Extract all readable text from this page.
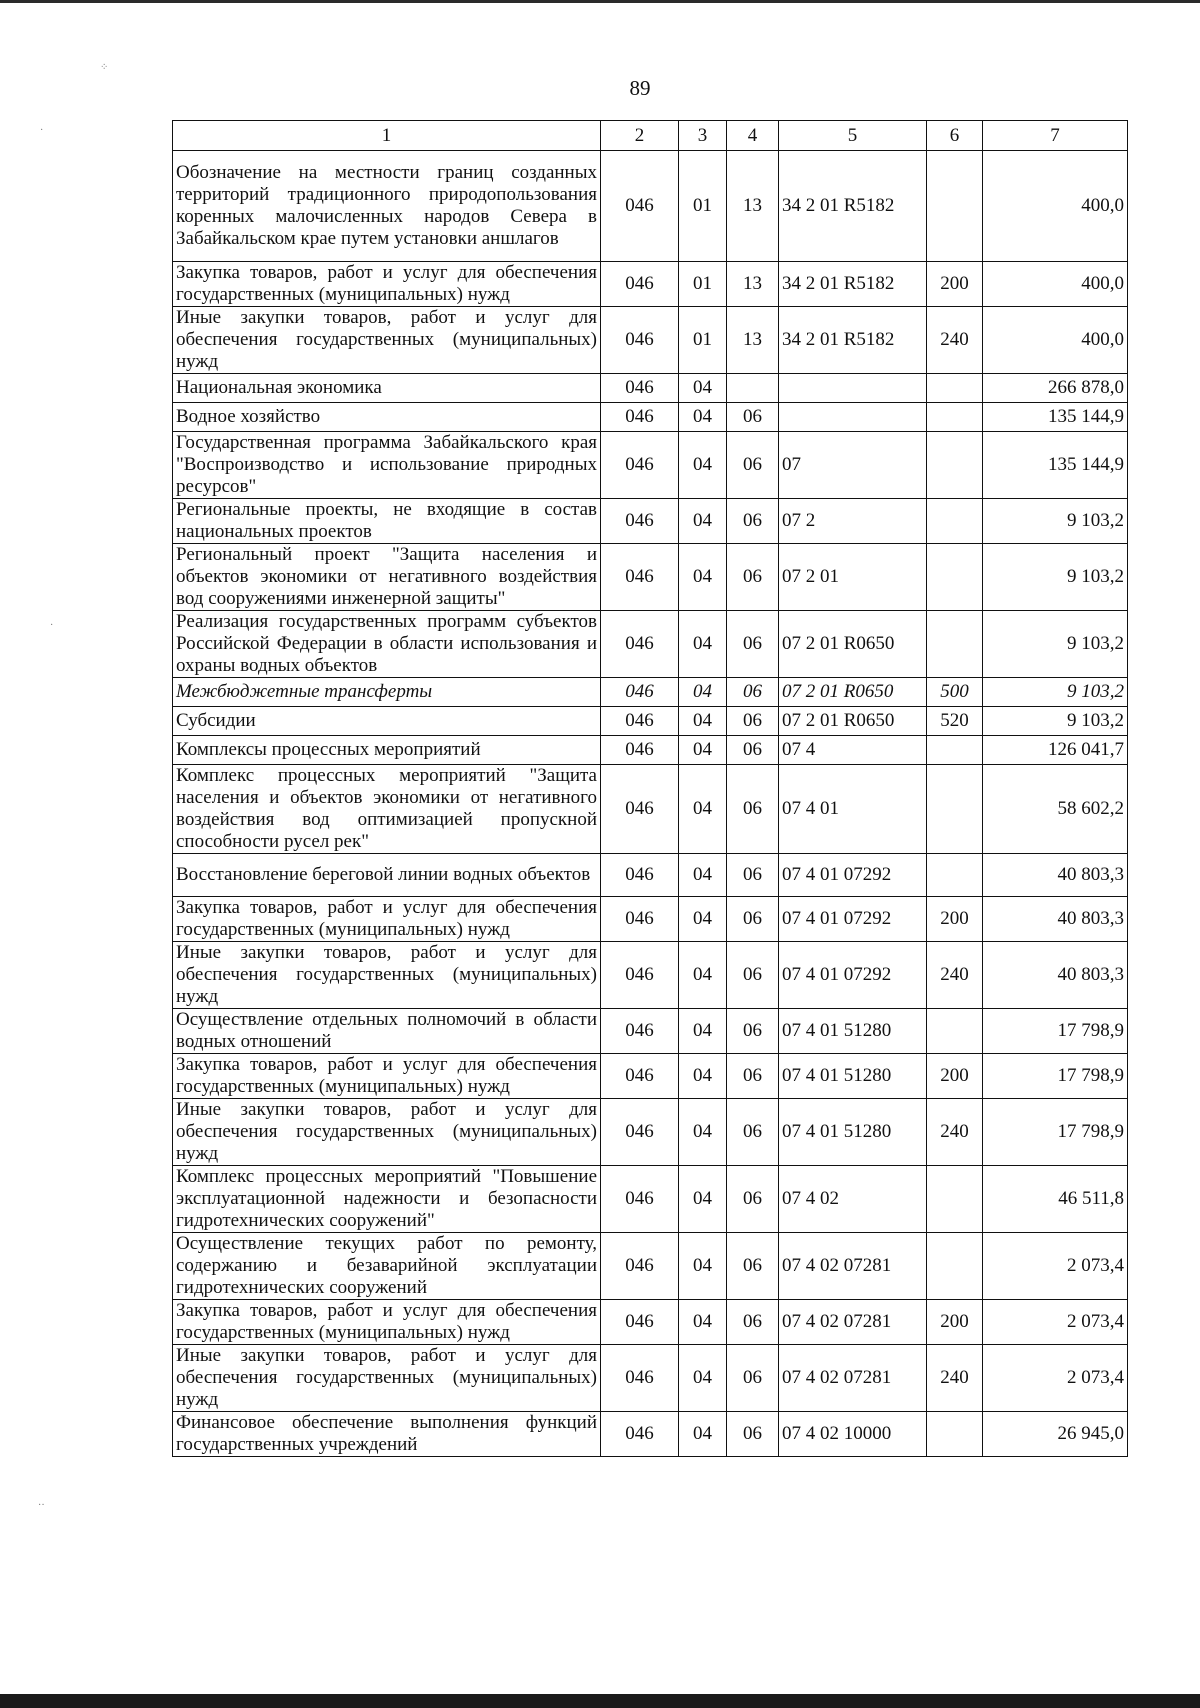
⁘
·
·
··
89
1	2	3	4	5	6	7
Обозначение на местности границ созданных территорий традиционного природопользования коренных малочисленных народов Севера в Забайкальском крае путем установки аншлагов	046	01	13	34 2 01 R5182		400,0
Закупка товаров, работ и услуг для обеспечения государственных (муниципальных) нужд	046	01	13	34 2 01 R5182	200	400,0
Иные закупки товаров, работ и услуг для обеспечения государственных (муниципальных) нужд	046	01	13	34 2 01 R5182	240	400,0
Национальная экономика	046	04				266 878,0
Водное хозяйство	046	04	06			135 144,9
Государственная программа Забайкальского края "Воспроизводство и использование природных ресурсов"	046	04	06	07		135 144,9
Региональные проекты, не входящие в состав национальных проектов	046	04	06	07 2		9 103,2
Региональный проект "Защита населения и объектов экономики от негативного воздействия вод сооружениями инженерной защиты"	046	04	06	07 2 01		9 103,2
Реализация государственных программ субъектов Российской Федерации в области использования и охраны водных объектов	046	04	06	07 2 01 R0650		9 103,2
Межбюджетные трансферты	046	04	06	07 2 01 R0650	500	9 103,2
Субсидии	046	04	06	07 2 01 R0650	520	9 103,2
Комплексы процессных мероприятий	046	04	06	07 4		126 041,7
Комплекс процессных мероприятий "Защита населения и объектов экономики от негативного воздействия вод оптимизацией пропускной способности русел рек"	046	04	06	07 4 01		58 602,2
Восстановление береговой линии водных объектов	046	04	06	07 4 01 07292		40 803,3
Закупка товаров, работ и услуг для обеспечения государственных (муниципальных) нужд	046	04	06	07 4 01 07292	200	40 803,3
Иные закупки товаров, работ и услуг для обеспечения государственных (муниципальных) нужд	046	04	06	07 4 01 07292	240	40 803,3
Осуществление отдельных полномочий в области водных отношений	046	04	06	07 4 01 51280		17 798,9
Закупка товаров, работ и услуг для обеспечения государственных (муниципальных) нужд	046	04	06	07 4 01 51280	200	17 798,9
Иные закупки товаров, работ и услуг для обеспечения государственных (муниципальных) нужд	046	04	06	07 4 01 51280	240	17 798,9
Комплекс процессных мероприятий "Повышение эксплуатационной надежности и безопасности гидротехнических сооружений"	046	04	06	07 4 02		46 511,8
Осуществление текущих работ по ремонту, содержанию и безаварийной эксплуатации гидротехнических сооружений	046	04	06	07 4 02 07281		2 073,4
Закупка товаров, работ и услуг для обеспечения государственных (муниципальных) нужд	046	04	06	07 4 02 07281	200	2 073,4
Иные закупки товаров, работ и услуг для обеспечения государственных (муниципальных) нужд	046	04	06	07 4 02 07281	240	2 073,4
Финансовое обеспечение выполнения функций государственных учреждений	046	04	06	07 4 02 10000		26 945,0
